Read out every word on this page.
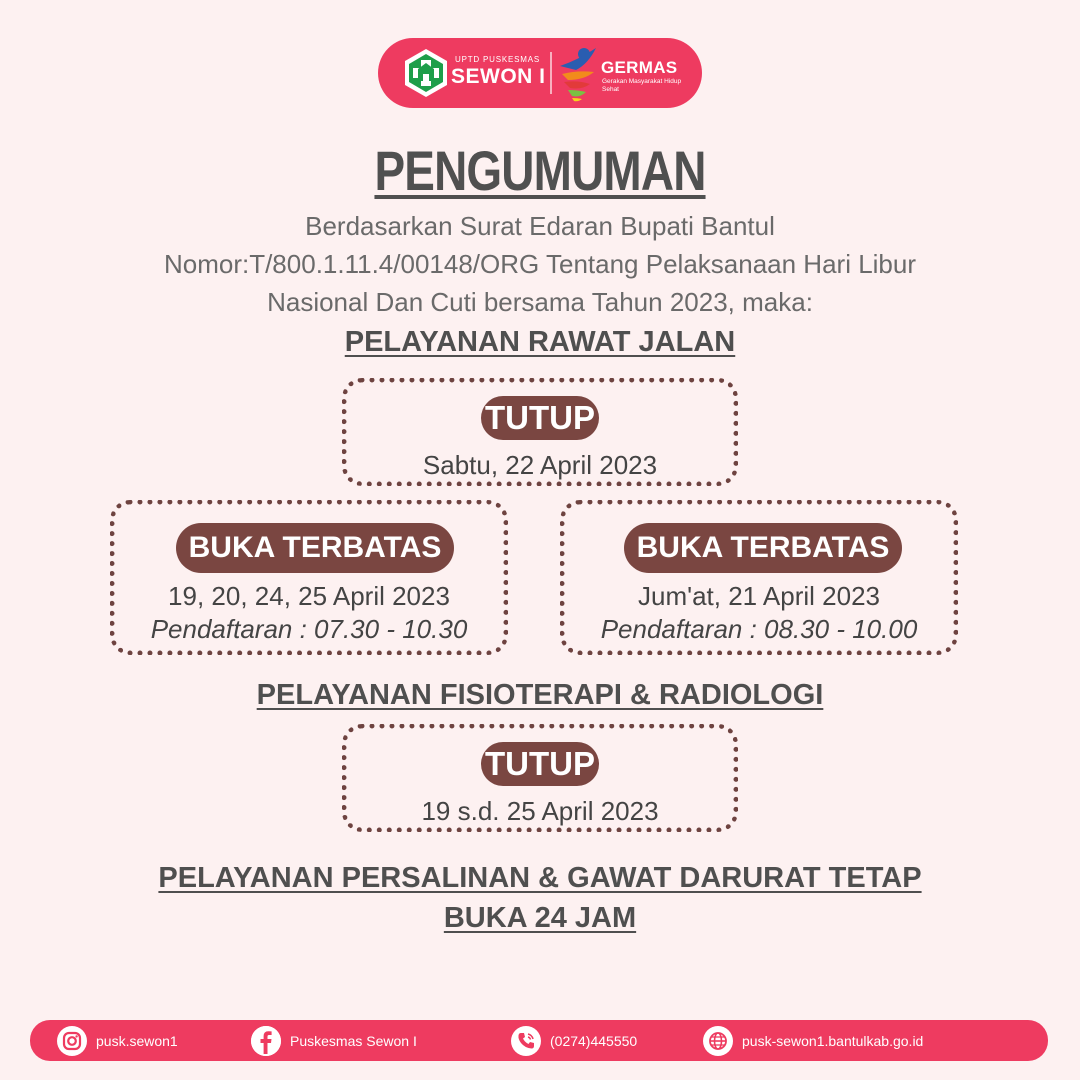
UPTD PUSKESMAS
SEWON I	GERMAS
Gerakan Masyarakat Hidup Sehat
PENGUMUMAN
Berdasarkan Surat Edaran Bupati Bantul
Nomor:T/800.1.11.4/00148/ORG Tentang Pelaksanaan Hari Libur
Nasional Dan Cuti bersama Tahun 2023, maka:
PELAYANAN RAWAT JALAN
TUTUP
Sabtu, 22 April 2023
BUKA TERBATAS
19, 20, 24, 25 April 2023
Pendaftaran : 07.30 - 10.30
BUKA TERBATAS
Jum'at, 21 April 2023
Pendaftaran : 08.30 - 10.00
PELAYANAN FISIOTERAPI & RADIOLOGI
TUTUP
19 s.d. 25 April 2023
PELAYANAN PERSALINAN & GAWAT DARURAT TETAP
BUKA 24 JAM
pusk.sewon1	Puskesmas Sewon I	(0274)445550	pusk-sewon1.bantulkab.go.id
